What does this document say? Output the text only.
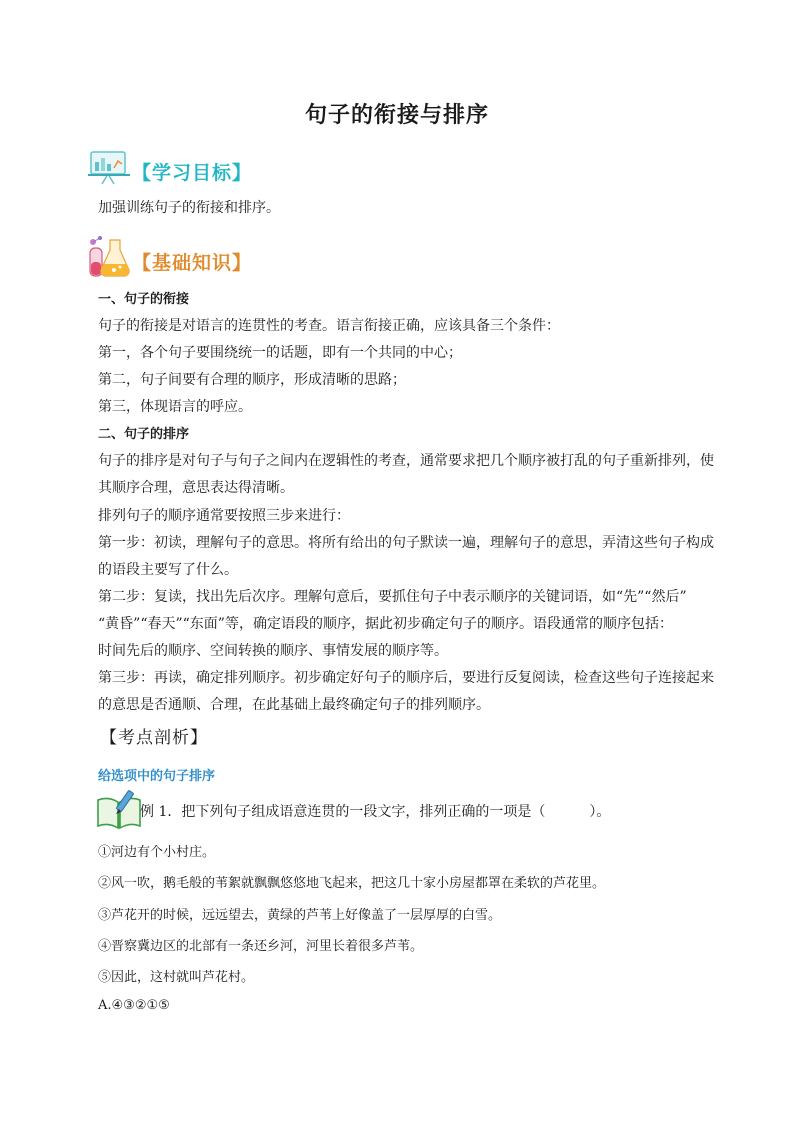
句子的衔接与排序
【学习目标】
加强训练句子的衔接和排序。
【基础知识】
一、句子的衔接
句子的衔接是对语言的连贯性的考查。语言衔接正确，应该具备三个条件：
第一，各个句子要围绕统一的话题，即有一个共同的中心；
第二，句子间要有合理的顺序，形成清晰的思路；
第三，体现语言的呼应。
二、句子的排序
句子的排序是对句子与句子之间内在逻辑性的考查，通常要求把几个顺序被打乱的句子重新排列，使
其顺序合理，意思表达得清晰。
排列句子的顺序通常要按照三步来进行：
第一步：初读，理解句子的意思。将所有给出的句子默读一遍，理解句子的意思，弄清这些句子构成
的语段主要写了什么。
第二步：复读，找出先后次序。理解句意后，要抓住句子中表示顺序的关键词语，如“先”“然后”
“黄昏”“春天”“东面”等，确定语段的顺序，据此初步确定句子的顺序。语段通常的顺序包括：
时间先后的顺序、空间转换的顺序、事情发展的顺序等。
第三步：再读，确定排列顺序。初步确定好句子的顺序后，要进行反复阅读，检查这些句子连接起来
的意思是否通顺、合理，在此基础上最终确定句子的排列顺序。
【考点剖析】
给选项中的句子排序
例 1．把下列句子组成语意连贯的一段文字，排列正确的一项是（	）。
①河边有个小村庄。
②风一吹，鹅毛般的苇絮就飘飘悠悠地飞起来，把这几十家小房屋都罩在柔软的芦花里。
③芦花开的时候，远远望去，黄绿的芦苇上好像盖了一层厚厚的白雪。
④晋察冀边区的北部有一条还乡河，河里长着很多芦苇。
⑤因此，这村就叫芦花村。
A.④③②①⑤
